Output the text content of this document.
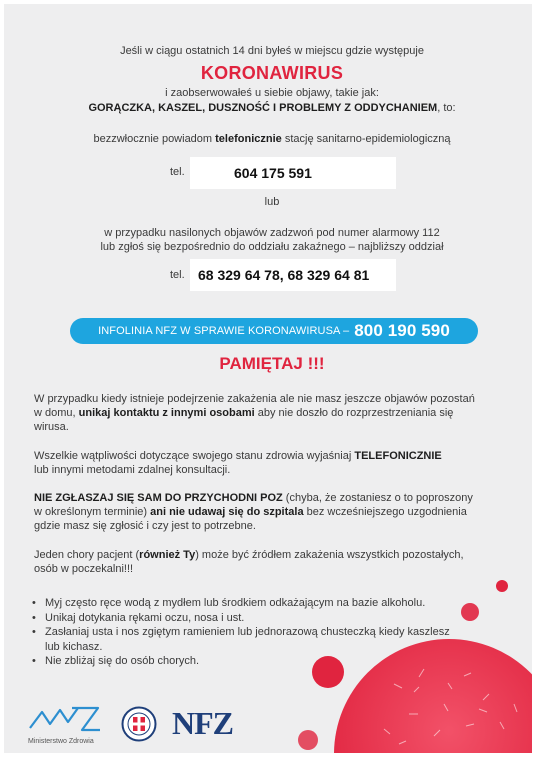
Jeśli w ciągu ostatnich 14 dni byłeś w miejscu gdzie występuje
KORONAWIRUS
i zaobserwowałeś u siebie objawy, takie jak:
GORĄCZKA, KASZEL, DUSZNOŚĆ I PROBLEMY Z ODDYCHANIEM, to:
bezzwłocznie powiadom telefonicznie stację sanitarno-epidemiologiczną
tel.	604 175 591
lub
w przypadku nasilonych objawów zadzwoń pod numer alarmowy 112
lub zgłoś się bezpośrednio do oddziału zakaźnego – najbliższy oddział
tel. 68 329 64 78, 68 329 64 81
INFOLINIA NFZ W SPRAWIE KORONAWIRUSA – 800 190 590
PAMIĘTAJ !!!
W przypadku kiedy istnieje podejrzenie zakażenia ale nie masz jeszcze objawów pozostań
w domu, unikaj kontaktu z innymi osobami aby nie doszło do rozprzestrzeniania się
wirusa.
Wszelkie wątpliwości dotyczące swojego stanu zdrowia wyjaśniaj TELEFONICZNIE
lub innymi metodami zdalnej konsultacji.
NIE ZGŁASZAJ SIĘ SAM DO PRZYCHODNI POZ (chyba, że zostaniesz o to poproszony
w określonym terminie) ani nie udawaj się do szpitala bez wcześniejszego uzgodnienia
gdzie masz się zgłosić i czy jest to potrzebne.
Jeden chory pacjent (również Ty) może być źródłem zakażenia wszystkich pozostałych,
osób w poczekalni!!!
• Myj często ręce wodą z mydłem lub środkiem odkażającym na bazie alkoholu.
• Unikaj dotykania rękami oczu, nosa i ust.
• Zasłaniaj usta i nos zgiętym ramieniem lub jednorazową chusteczką kiedy kaszlesz
lub kichasz.
• Nie zbliżaj się do osób chorych.
Ministerstwo Zdrowia
NFZ
